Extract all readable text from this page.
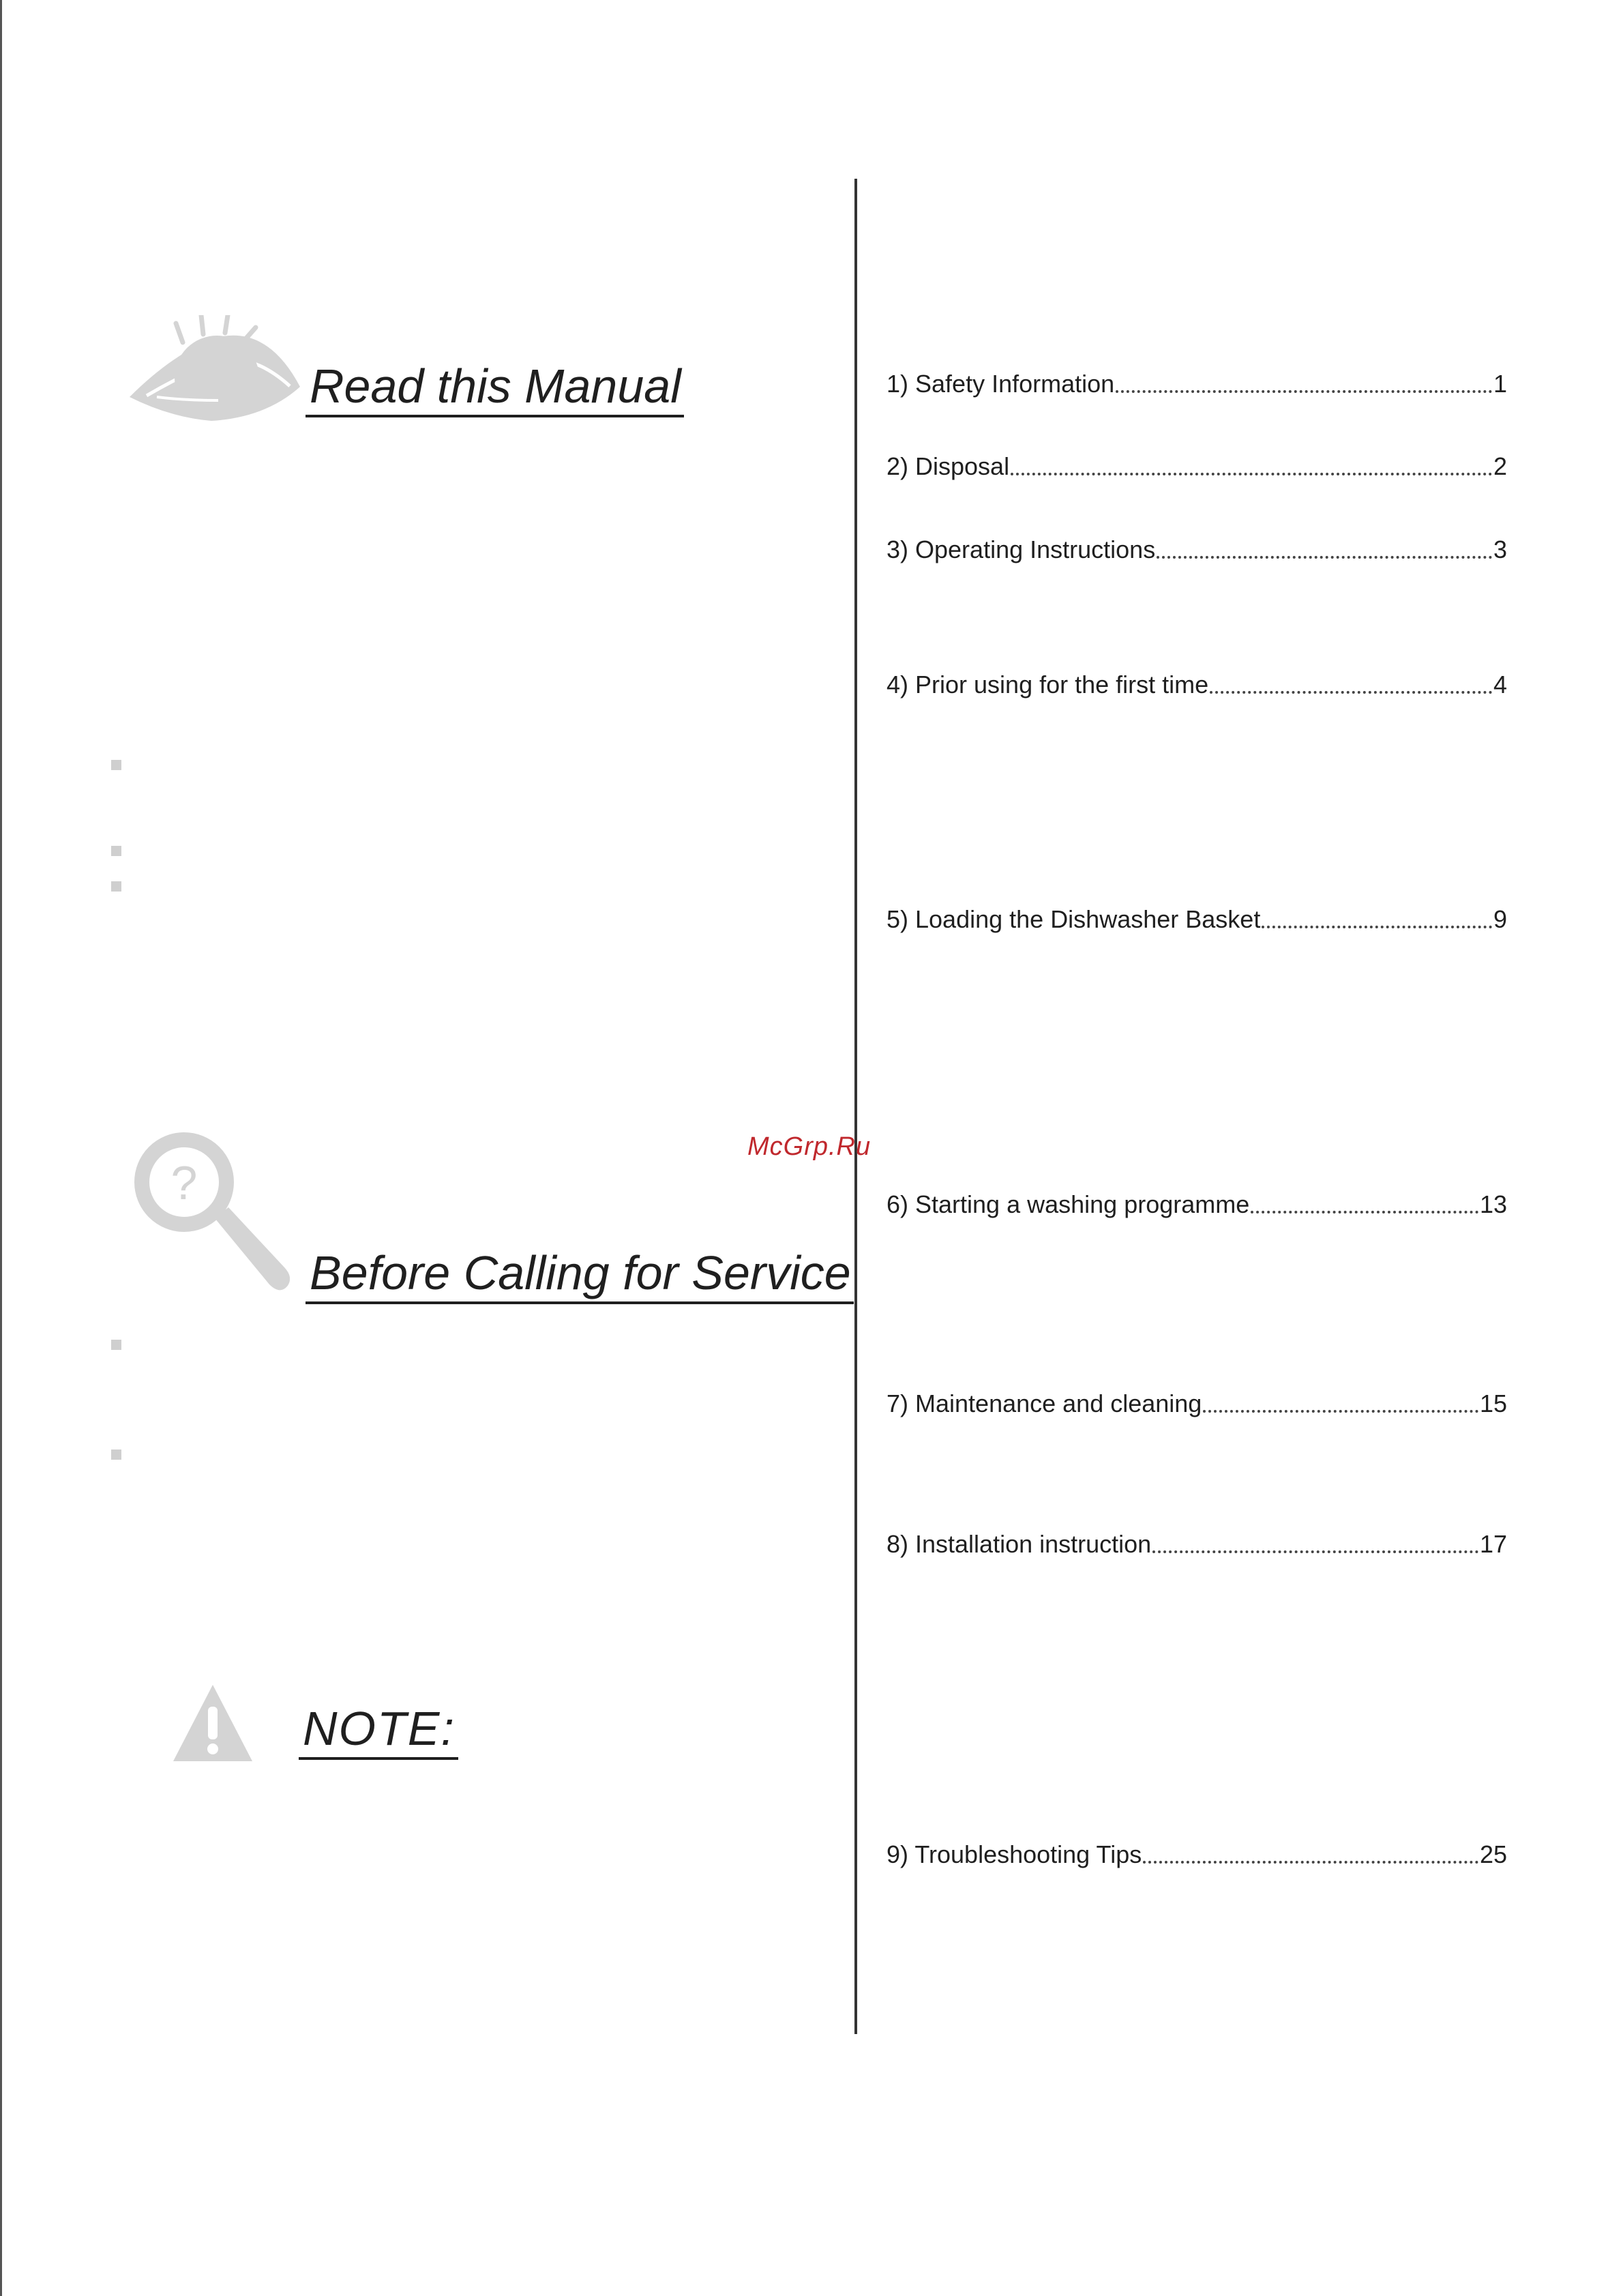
Read this Manual
?
Before Calling for Service
NOTE:
McGrp.Ru
1) Safety Information	1
2) Disposal	2
3) Operating Instructions	3
4) Prior using for the first time	4
5) Loading the Dishwasher Basket	9
6) Starting a washing programme	13
7) Maintenance and cleaning	15
8) Installation instruction	17
9) Troubleshooting Tips	25
